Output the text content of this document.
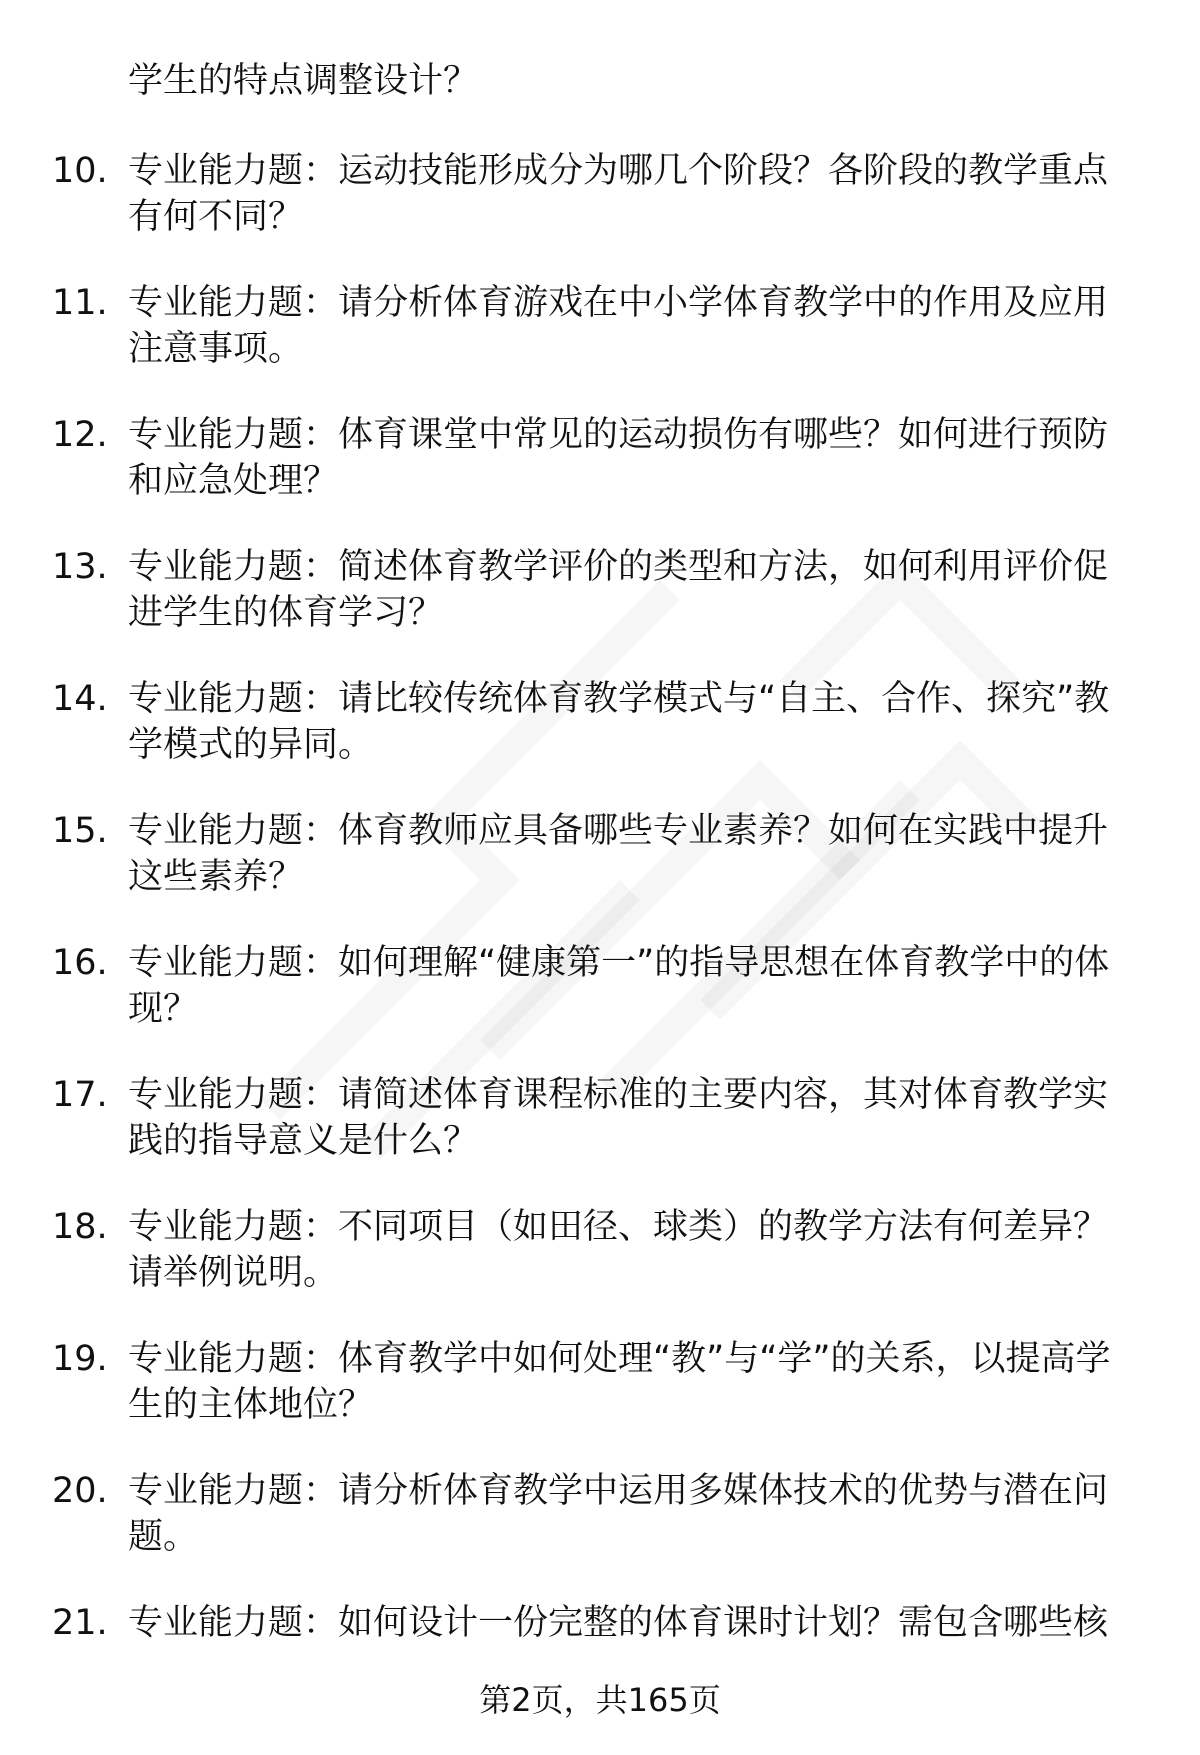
学生的特点调整设计？
10. 专业能力题：运动技能形成分为哪几个阶段？各阶段的教学重点有何不同？
11. 专业能力题：请分析体育游戏在中小学体育教学中的作用及应用注意事项。
12. 专业能力题：体育课堂中常见的运动损伤有哪些？如何进行预防和应急处理？
13. 专业能力题：简述体育教学评价的类型和方法，如何利用评价促进学生的体育学习？
14. 专业能力题：请比较传统体育教学模式与“自主、合作、探究”教学模式的异同。
15. 专业能力题：体育教师应具备哪些专业素养？如何在实践中提升这些素养？
16. 专业能力题：如何理解“健康第一”的指导思想在体育教学中的体现？
17. 专业能力题：请简述体育课程标准的主要内容，其对体育教学实践的指导意义是什么？
18. 专业能力题：不同项目（如田径、球类）的教学方法有何差异？请举例说明。
19. 专业能力题：体育教学中如何处理“教”与“学”的关系，以提高学生的主体地位？
20. 专业能力题：请分析体育教学中运用多媒体技术的优势与潜在问题。
21. 专业能力题：如何设计一份完整的体育课时计划？需包含哪些核
第2页，共165页
